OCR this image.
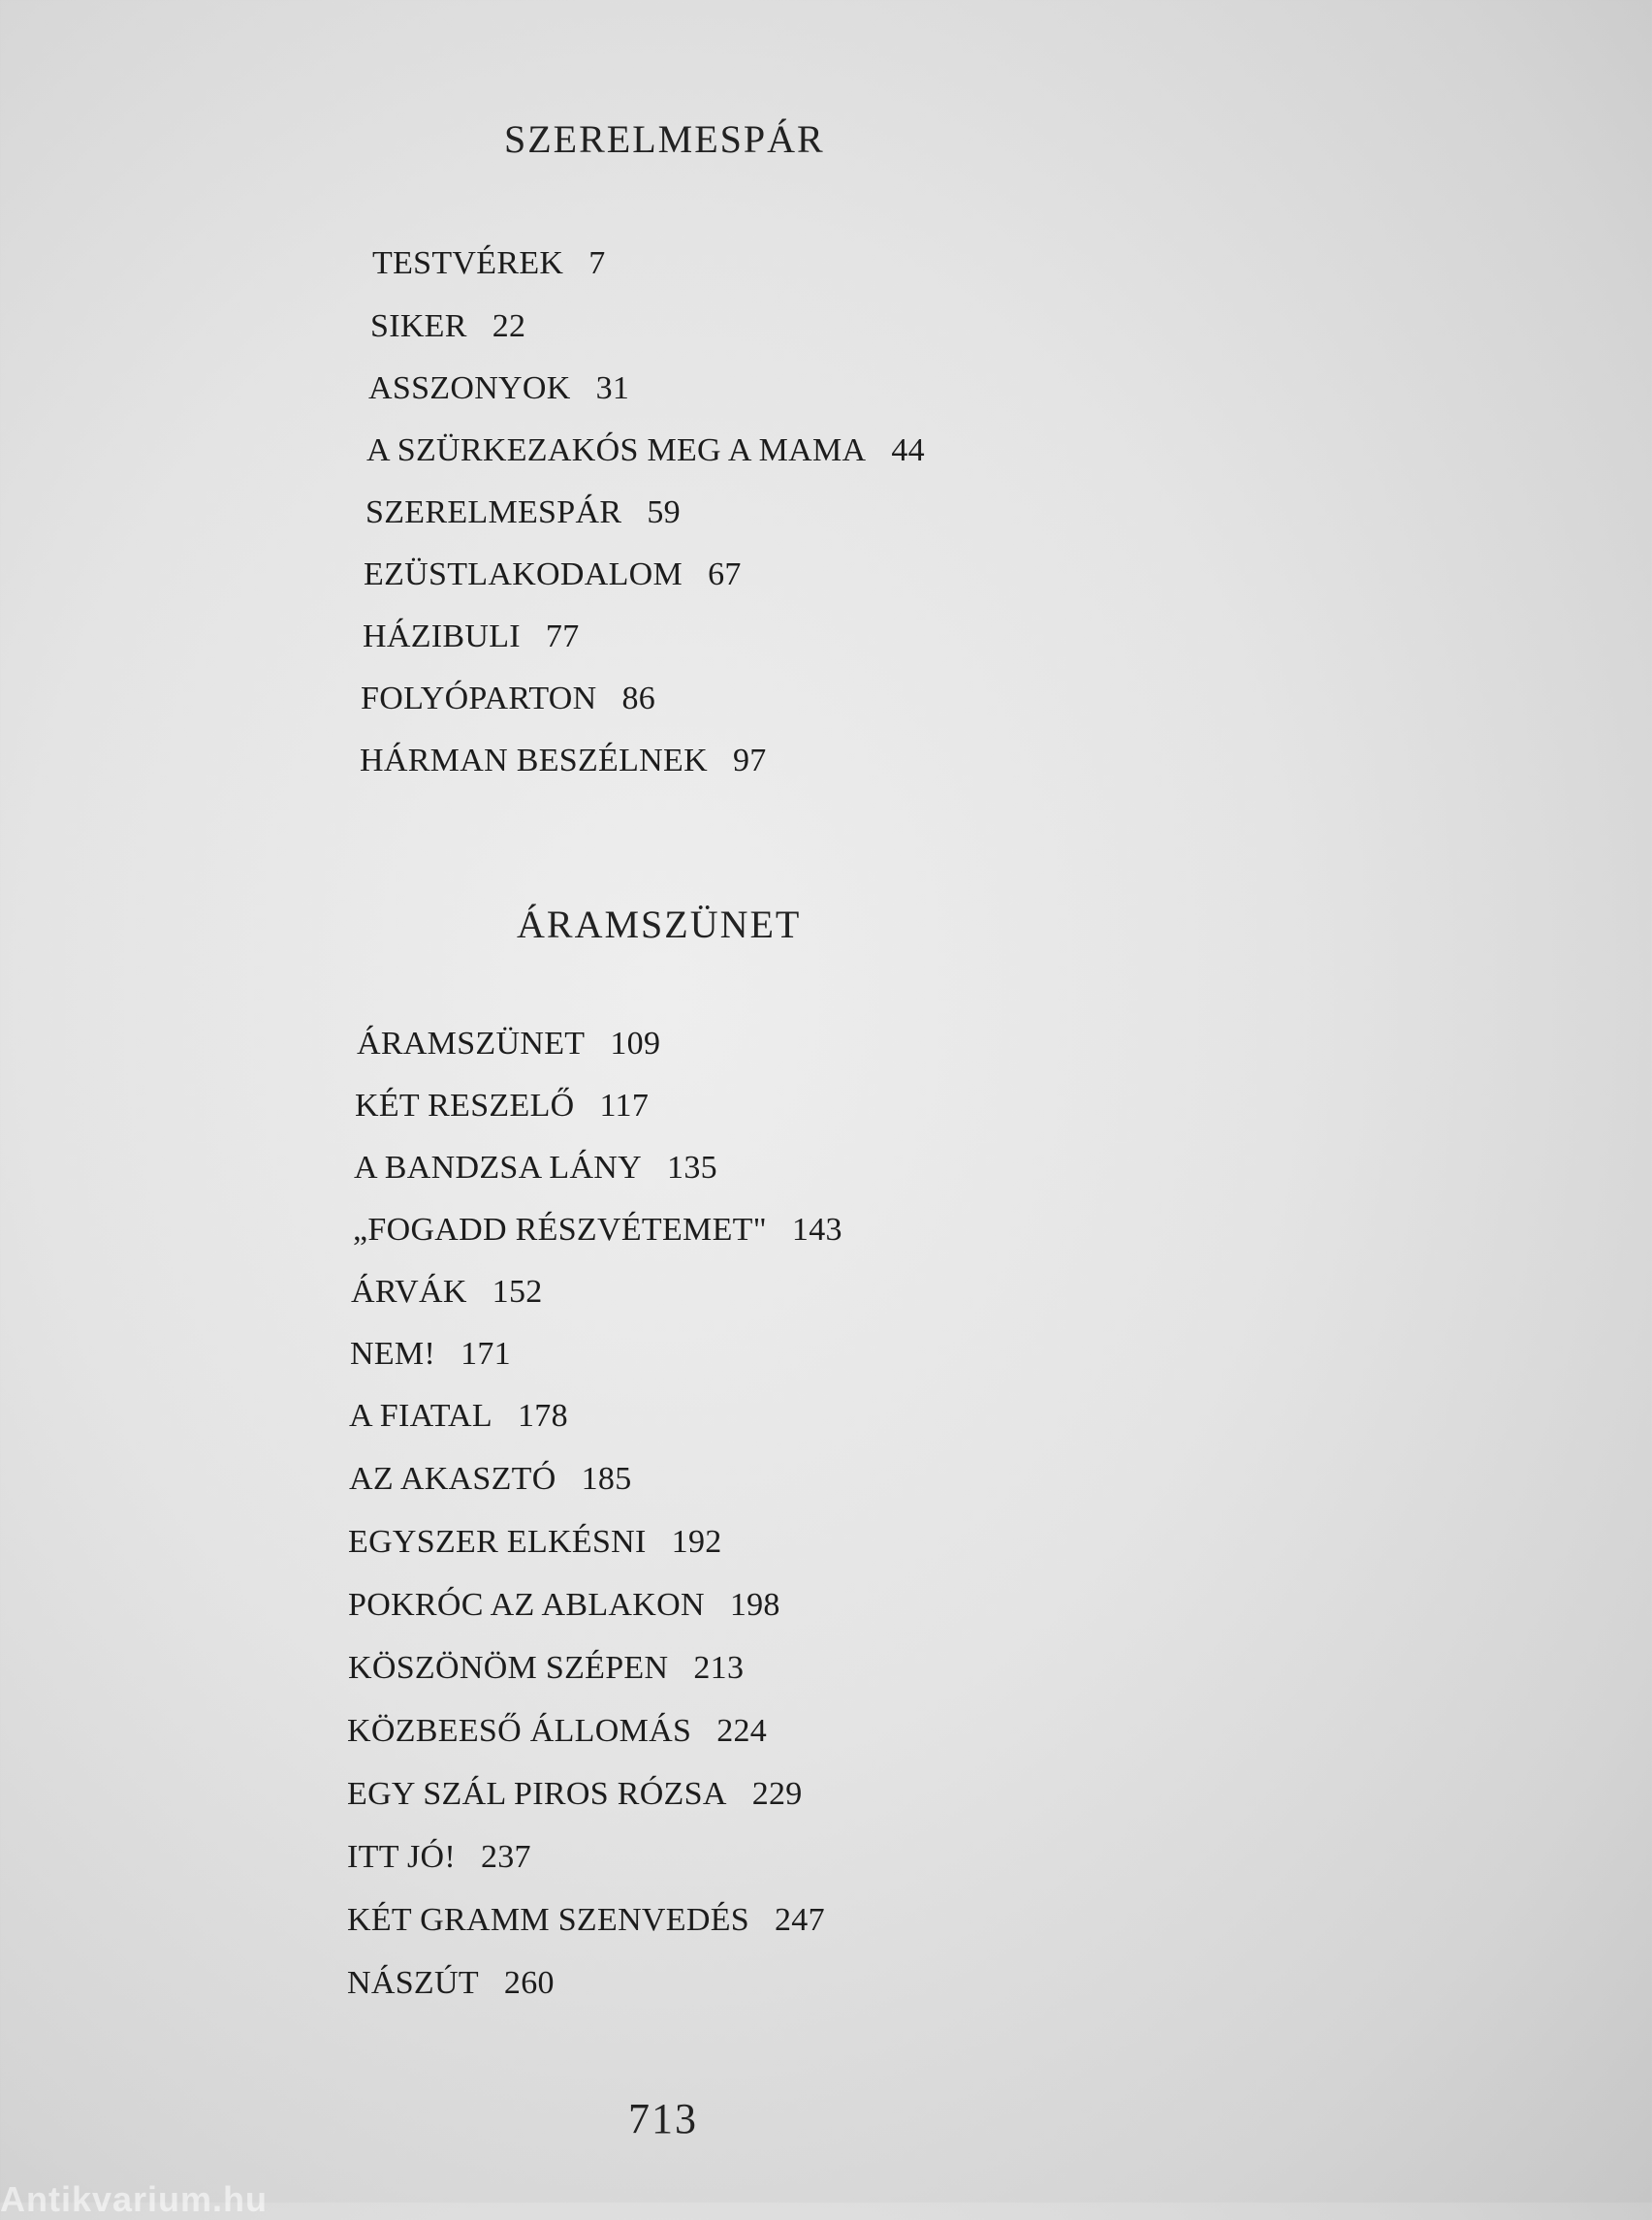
SZERELMESPÁR
TESTVÉREK 7
SIKER 22
ASSZONYOK 31
A SZÜRKEZAKÓS MEG A MAMA 44
SZERELMESPÁR 59
EZÜSTLAKODALOM 67
HÁZIBULI 77
FOLYÓPARTON 86
HÁRMAN BESZÉLNEK 97
ÁRAMSZÜNET
ÁRAMSZÜNET 109
KÉT RESZELŐ 117
A BANDZSA LÁNY 135
„FOGADD RÉSZVÉTEMET" 143
ÁRVÁK 152
NEM! 171
A FIATAL 178
AZ AKASZTÓ 185
EGYSZER ELKÉSNI 192
POKRÓC AZ ABLAKON 198
KÖSZÖNÖM SZÉPEN 213
KÖZBEESŐ ÁLLOMÁS 224
EGY SZÁL PIROS RÓZSA 229
ITT JÓ! 237
KÉT GRAMM SZENVEDÉS 247
NÁSZÚT 260
713
Antikvarium.hu
